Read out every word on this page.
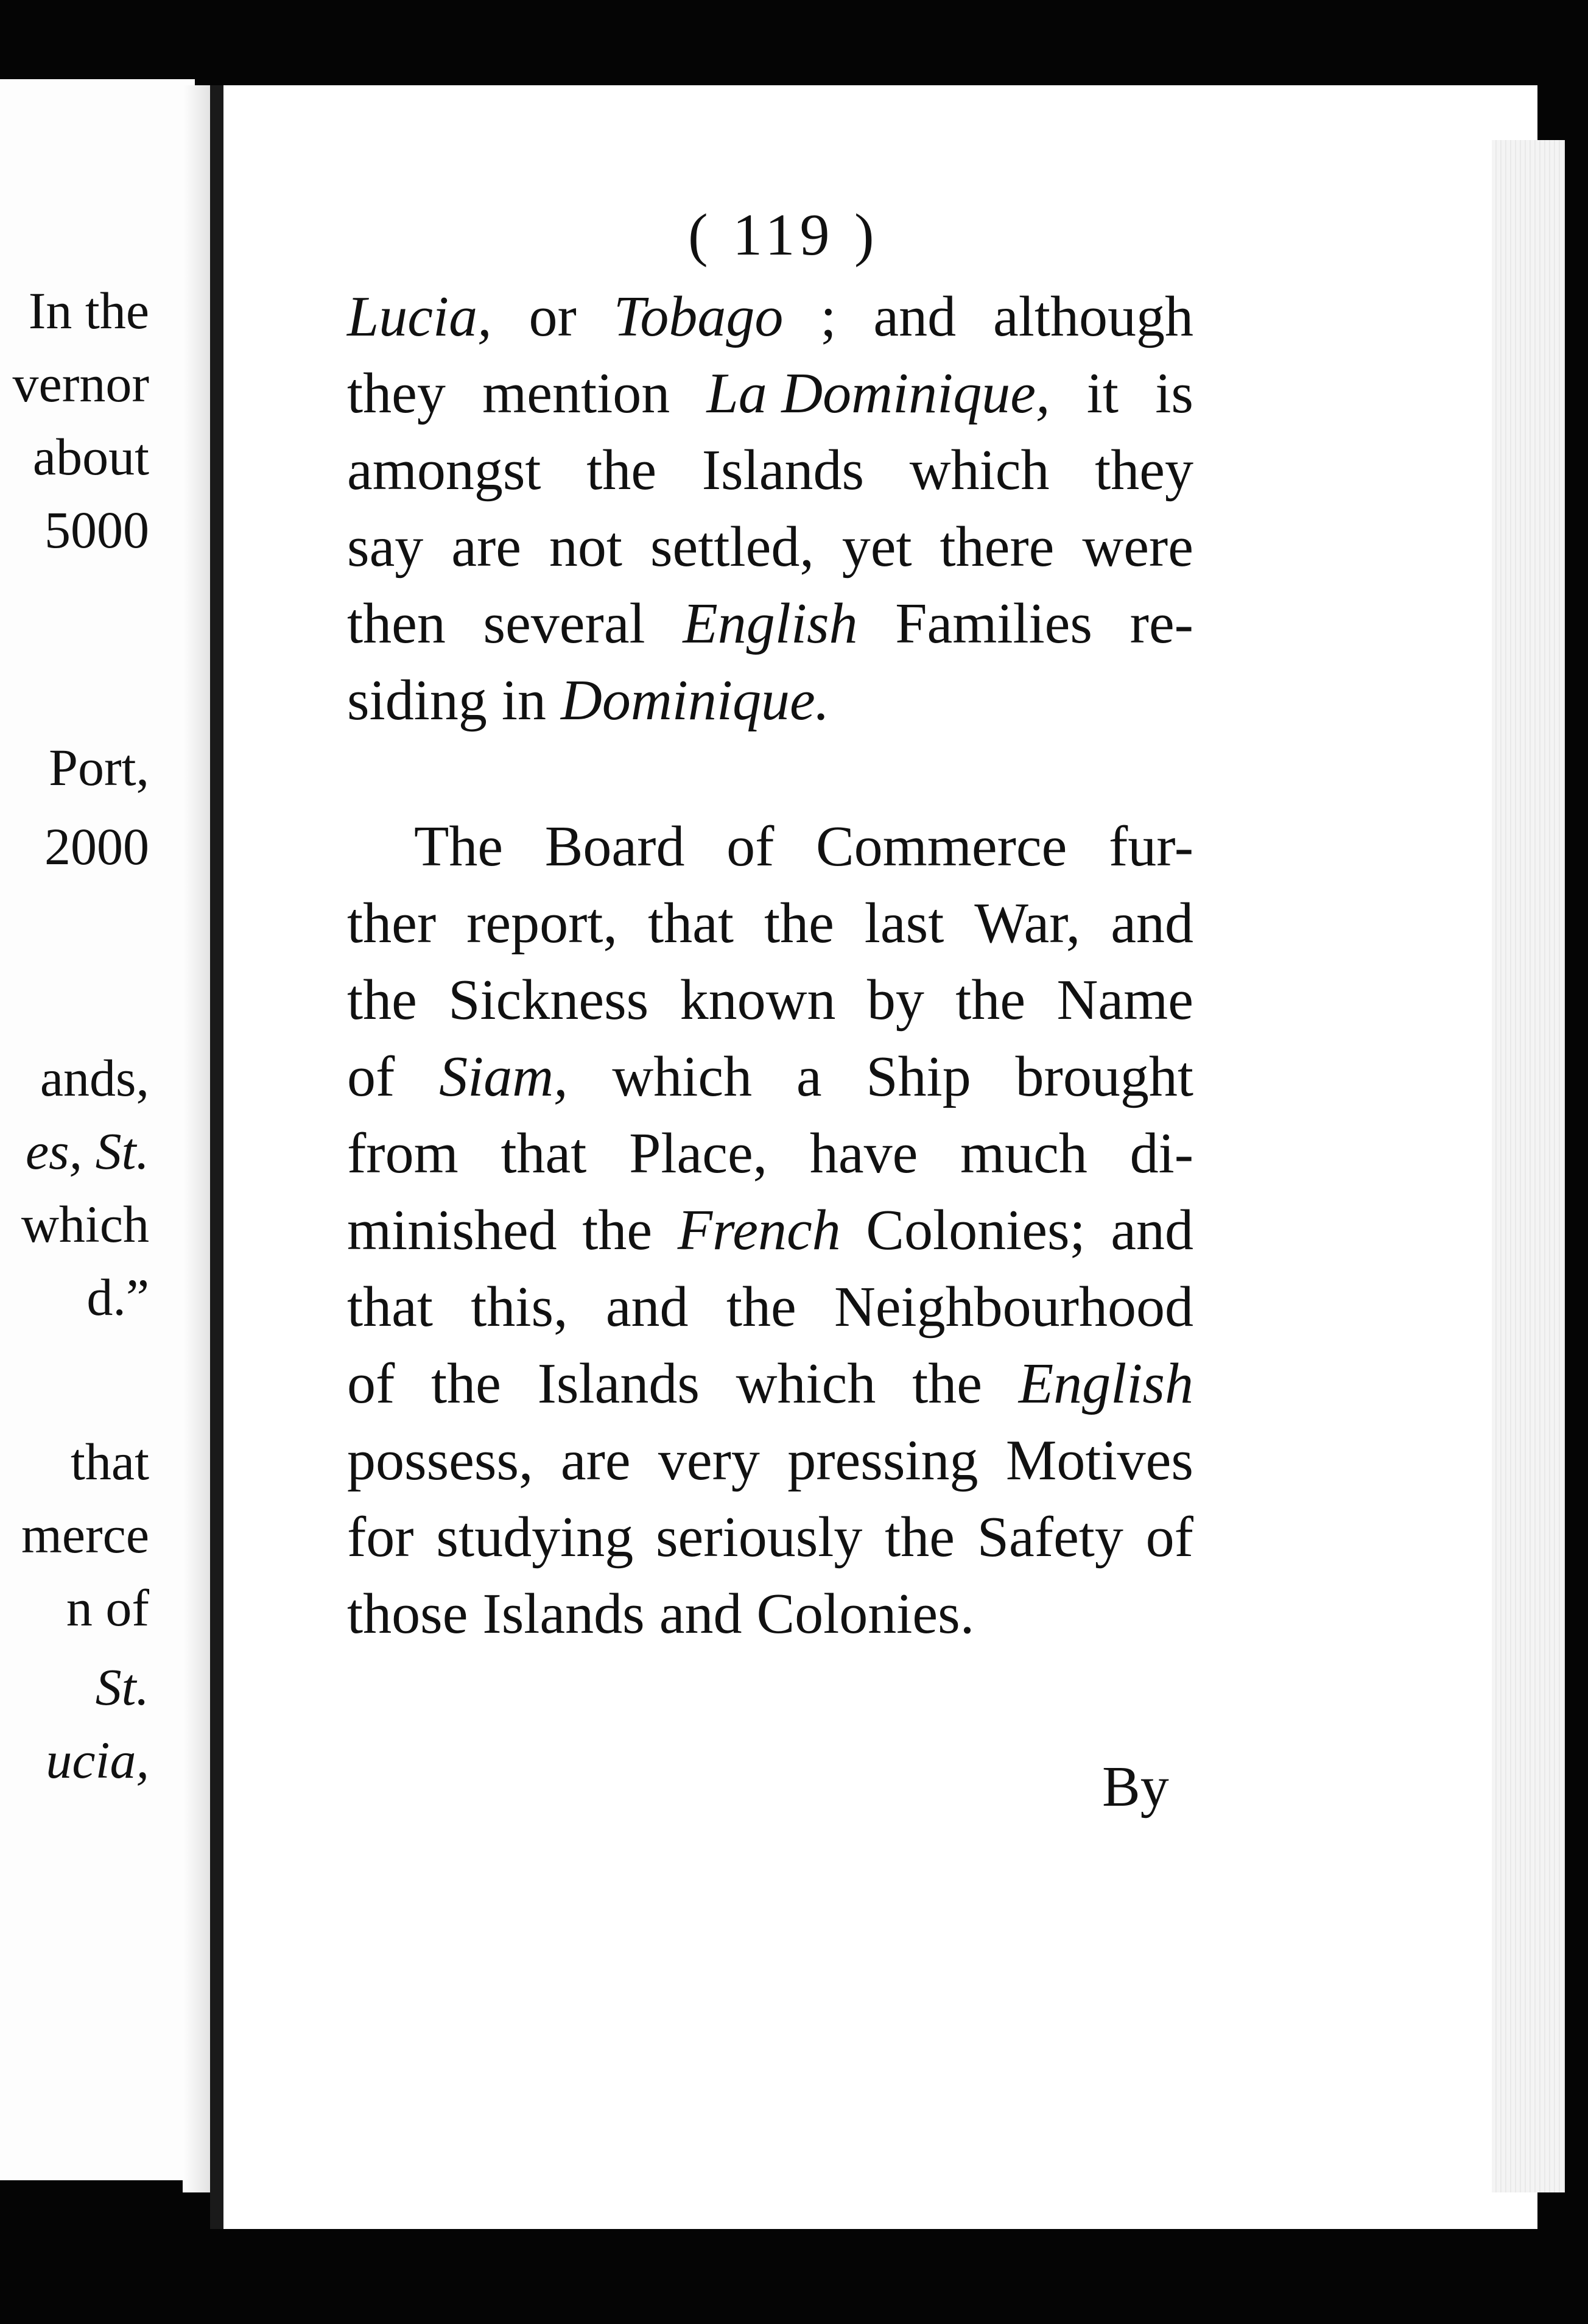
In the
vernor
about
5000
Port,
2000
ands,
es, St.
which
d.”
that
merce
n of
St.
ucia,
( 119 )
Lucia, or Tobago ; and although
they mention La Dominique, it is
amongst the Islands which they
say are not settled, yet there were
then several English Families re-
siding in Dominique.
The Board of Commerce fur-
ther report, that the last War, and
the Sickness known by the Name
of Siam, which a Ship brought
from that Place, have much di-
minished the French Colonies; and
that this, and the Neighbourhood
of the Islands which the English
possess, are very pressing Motives
for studying seriously the Safety of
those Islands and Colonies.
By
